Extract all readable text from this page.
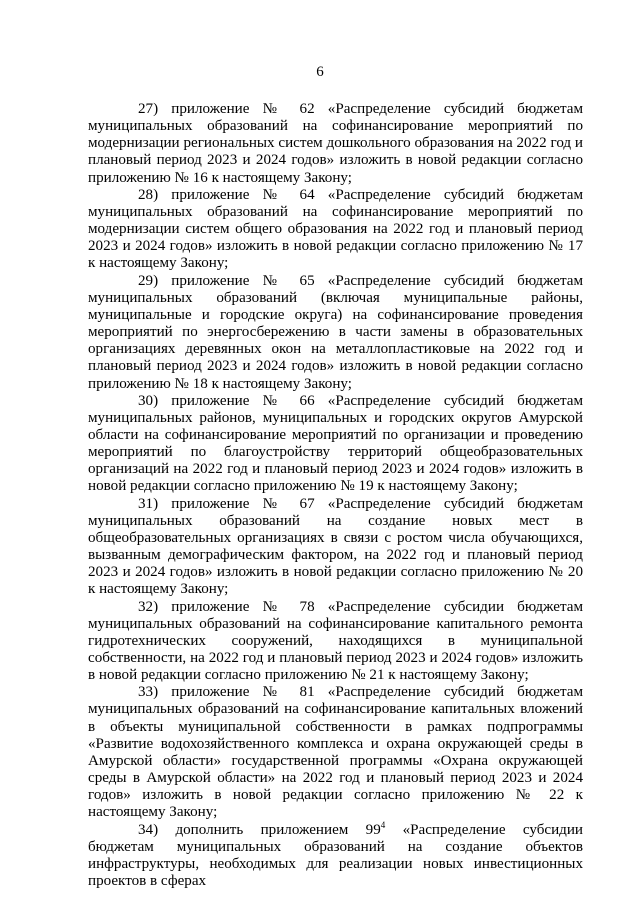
6

27) приложение № 62 «Распределение субсидий бюджетам муниципальных образований на софинансирование мероприятий по модернизации региональных систем дошкольного образования на 2022 год и плановый период 2023 и 2024 годов» изложить в новой редакции согласно приложению № 16 к настоящему Закону;

28) приложение № 64 «Распределение субсидий бюджетам муниципальных образований на софинансирование мероприятий по модернизации систем общего образования на 2022 год и плановый период 2023 и 2024 годов» изложить в новой редакции согласно приложению № 17 к настоящему Закону;

29) приложение № 65 «Распределение субсидий бюджетам муниципальных образований (включая муниципальные районы, муниципальные и городские округа) на софинансирование проведения мероприятий по энергосбережению в части замены в образовательных организациях деревянных окон на металлопластиковые на 2022 год и плановый период 2023 и 2024 годов» изложить в новой редакции согласно приложению № 18 к настоящему Закону;

30) приложение № 66 «Распределение субсидий бюджетам муниципальных районов, муниципальных и городских округов Амурской области на софинансирование мероприятий по организации и проведению мероприятий по благоустройству территорий общеобразовательных организаций на 2022 год и плановый период 2023 и 2024 годов» изложить в новой редакции согласно приложению № 19 к настоящему Закону;

31) приложение № 67 «Распределение субсидий бюджетам муниципальных образований на создание новых мест в общеобразовательных организациях в связи с ростом числа обучающихся, вызванным демографическим фактором, на 2022 год и плановый период 2023 и 2024 годов» изложить в новой редакции согласно приложению № 20 к настоящему Закону;

32) приложение № 78 «Распределение субсидии бюджетам муниципальных образований на софинансирование капитального ремонта гидротехнических сооружений, находящихся в муниципальной собственности, на 2022 год и плановый период 2023 и 2024 годов» изложить в новой редакции согласно приложению № 21 к настоящему Закону;

33) приложение № 81 «Распределение субсидий бюджетам муниципальных образований на софинансирование капитальных вложений в объекты муниципальной собственности в рамках подпрограммы «Развитие водохозяйственного комплекса и охрана окружающей среды в Амурской области» государственной программы «Охрана окружающей среды в Амурской области» на 2022 год и плановый период 2023 и 2024 годов» изложить в новой редакции согласно приложению № 22 к настоящему Закону;

34) дополнить приложением $99^4$ «Распределение субсидии бюджетам муниципальных образований на создание объектов инфраструктуры, необходимых для реализации новых инвестиционных проектов в сферах
